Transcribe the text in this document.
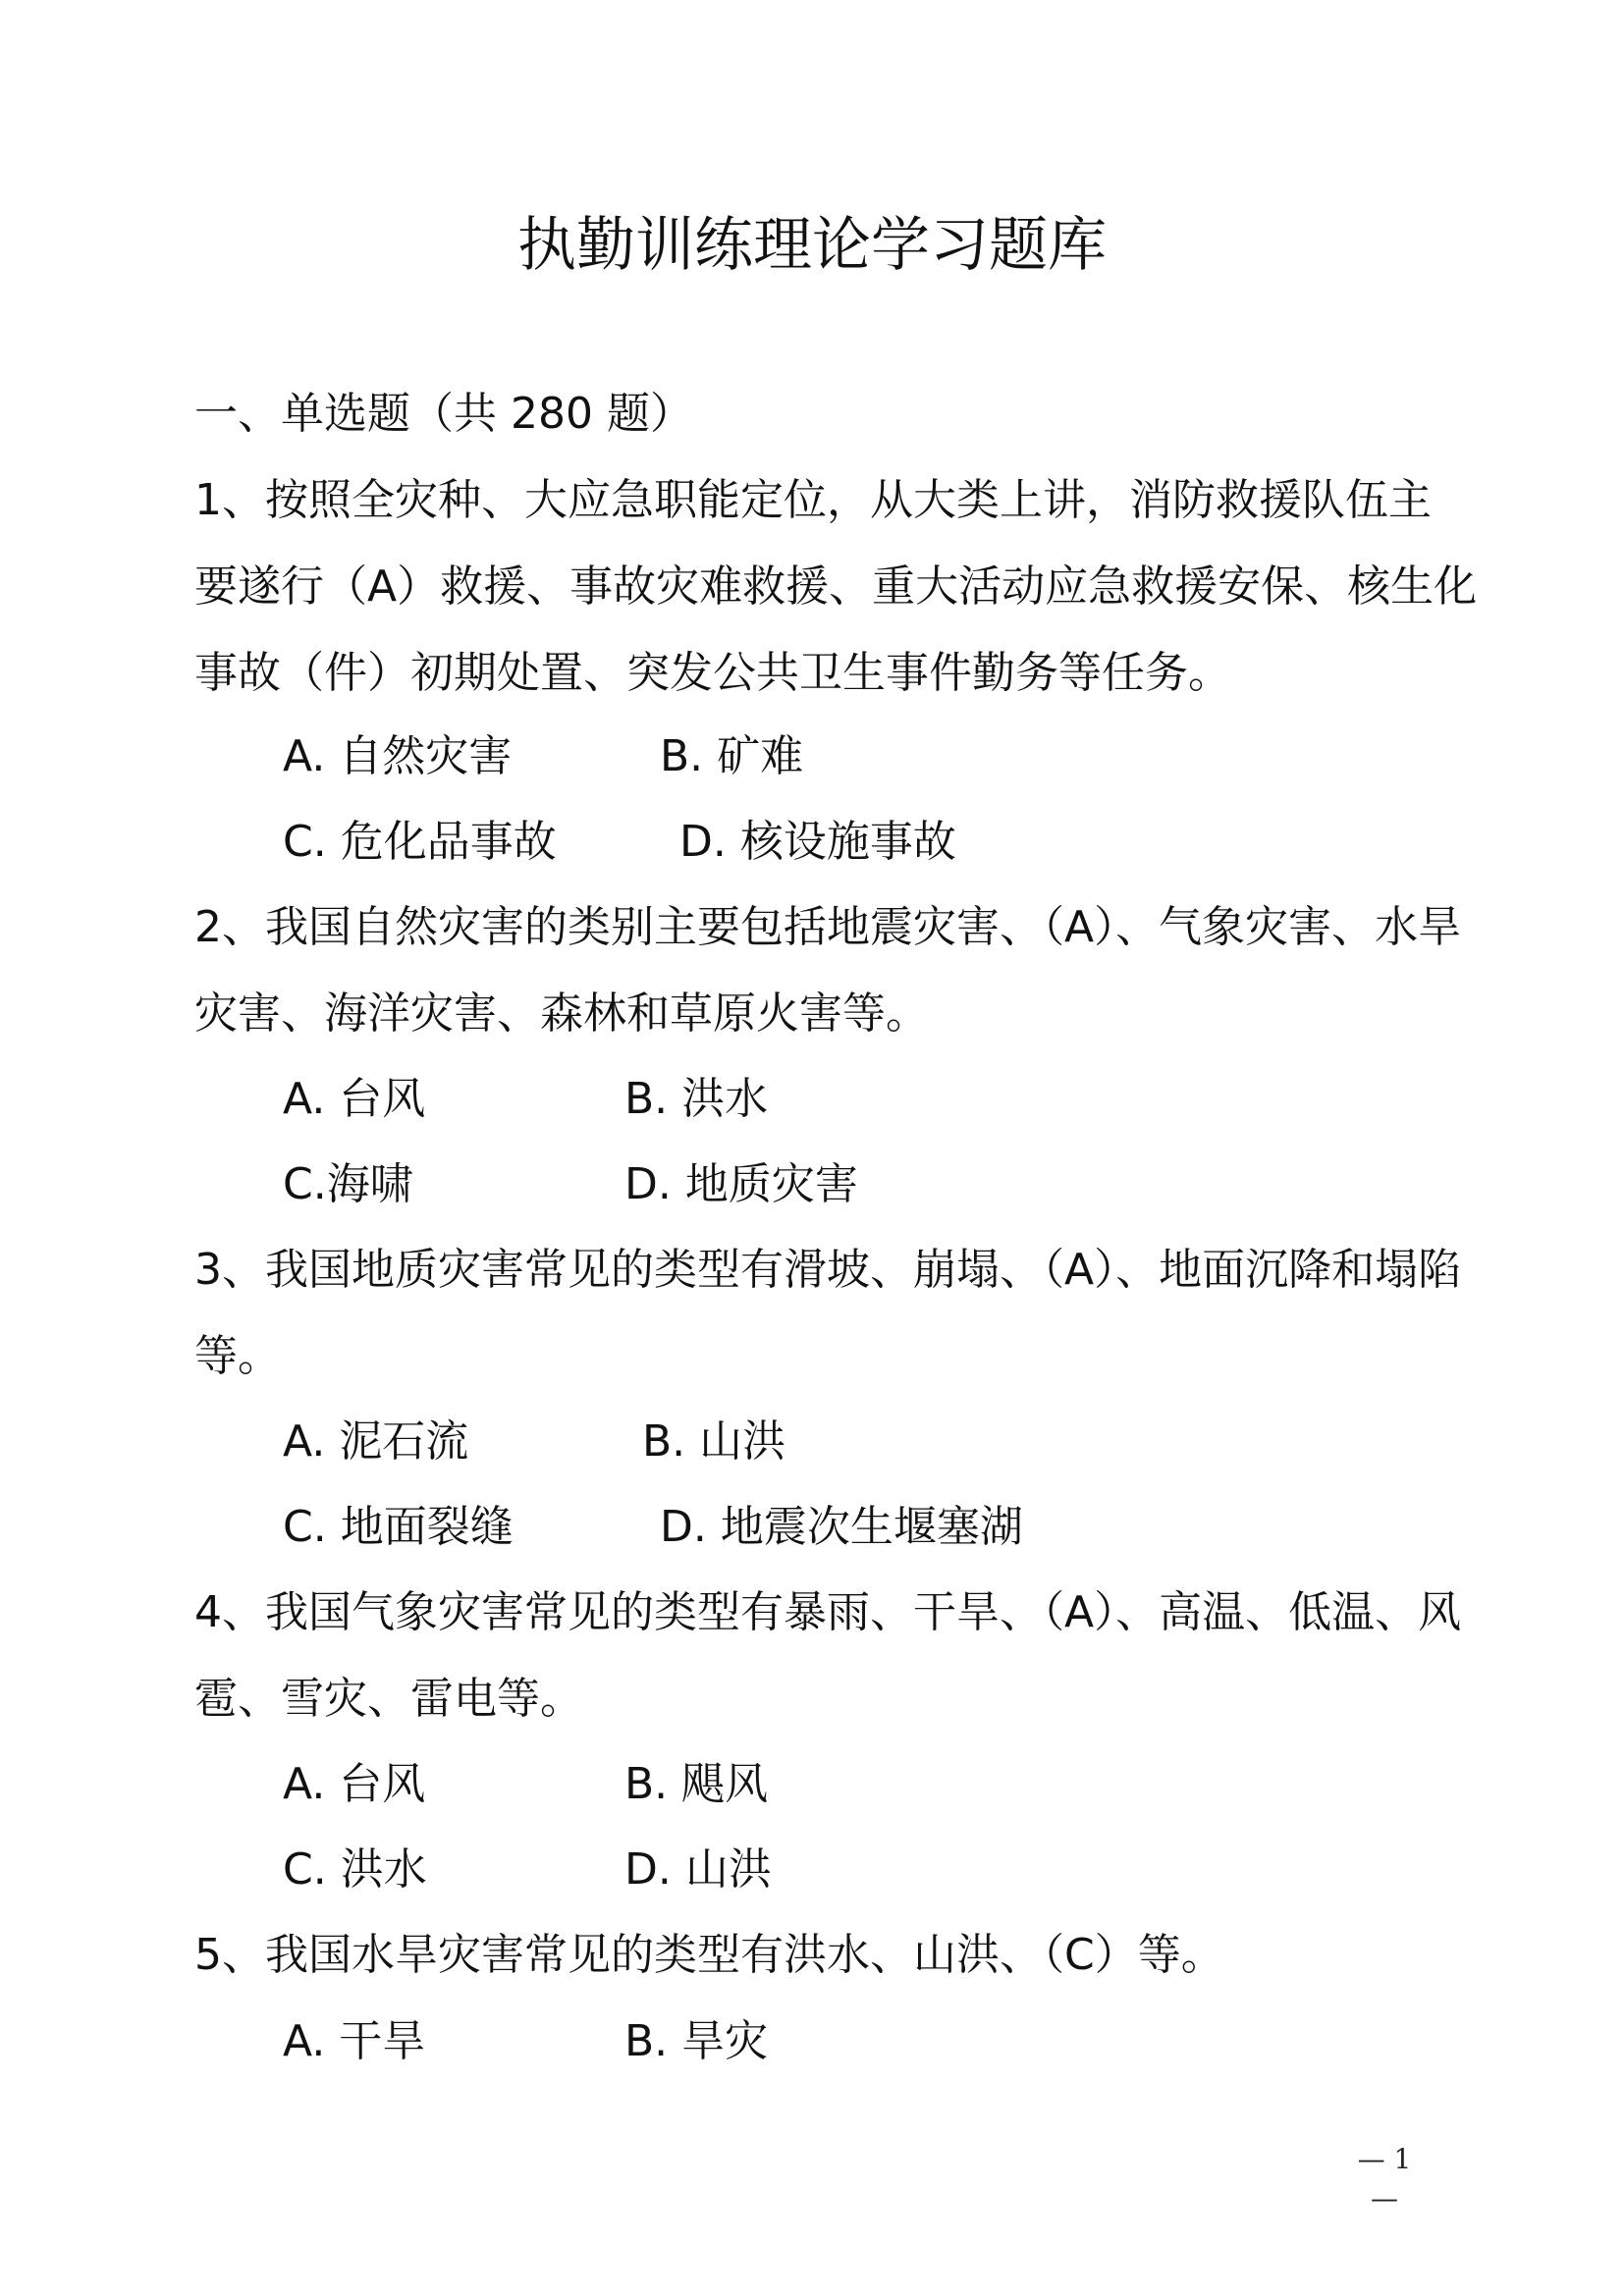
执勤训练理论学习题库
一、单选题（共 280 题）
1、按照全灾种、大应急职能定位，从大类上讲，消防救援队伍主
要遂行（A）救援、事故灾难救援、重大活动应急救援安保、核生化
事故（件）初期处置、突发公共卫生事件勤务等任务。
A. 自然灾害	B. 矿难
C. 危化品事故	D. 核设施事故
2、我国自然灾害的类别主要包括地震灾害、（A）、气象灾害、水旱
灾害、海洋灾害、森林和草原火害等。
A. 台风	B. 洪水
C.海啸	D. 地质灾害
3、我国地质灾害常见的类型有滑坡、崩塌、（A）、地面沉降和塌陷
等。
A. 泥石流	B. 山洪
C. 地面裂缝	D. 地震次生堰塞湖
4、我国气象灾害常见的类型有暴雨、干旱、（A）、高温、低温、风
雹、雪灾、雷电等。
A. 台风	B. 飓风
C. 洪水	D. 山洪
5、我国水旱灾害常见的类型有洪水、山洪、（C）等。
A. 干旱	B. 旱灾
— 1 —
